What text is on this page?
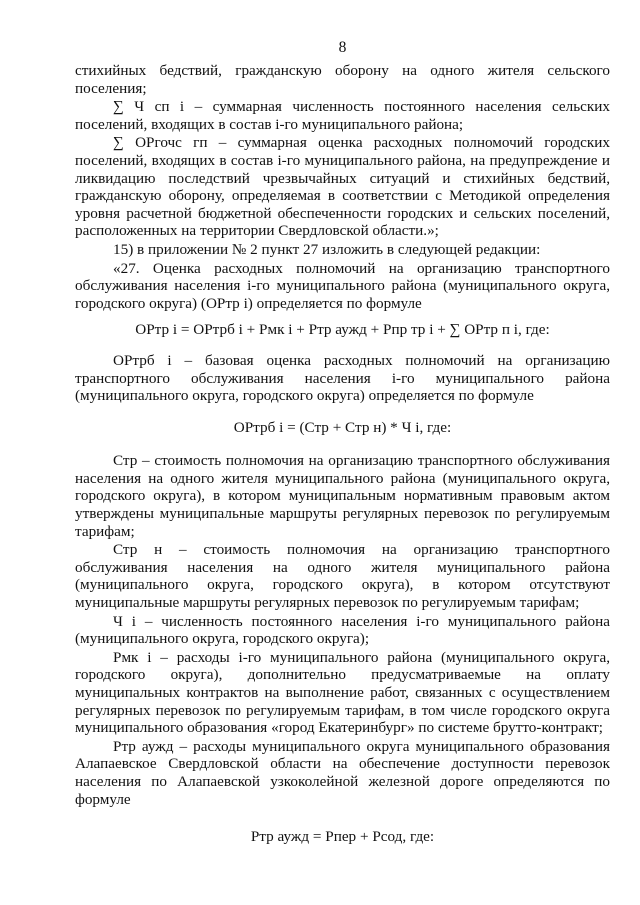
8

стихийных бедствий, гражданскую оборону на одного жителя сельского поселения;

∑ Ч сп і – суммарная численность постоянного населения сельских поселений, входящих в состав і-го муниципального района;

∑ ОРгочс гп – суммарная оценка расходных полномочий городских поселений, входящих в состав і-го муниципального района, на предупреждение и ликвидацию последствий чрезвычайных ситуаций и стихийных бедствий, гражданскую оборону, определяемая в соответствии с Методикой определения уровня расчетной бюджетной обеспеченности городских и сельских поселений, расположенных на территории Свердловской области.»;

15) в приложении № 2 пункт 27 изложить в следующей редакции:

«27. Оценка расходных полномочий на организацию транспортного обслуживания населения і-го муниципального района (муниципального округа, городского округа) (ОРтр і) определяется по формуле

ОРтр і = ОРтрб і + Рмк і + Ртр аужд + Рпр тр і + ∑ ОРтр п і, где:

ОРтрб і – базовая оценка расходных полномочий на организацию транспортного обслуживания населения і-го муниципального района (муниципального округа, городского округа) определяется по формуле

ОРтрб і = (Стр + Стр н) * Ч і, где:

Стр – стоимость полномочия на организацию транспортного обслуживания населения на одного жителя муниципального района (муниципального округа, городского округа), в котором муниципальным нормативным правовым актом утверждены муниципальные маршруты регулярных перевозок по регулируемым тарифам;

Стр н – стоимость полномочия на организацию транспортного обслуживания населения на одного жителя муниципального района (муниципального округа, городского округа), в котором отсутствуют муниципальные маршруты регулярных перевозок по регулируемым тарифам;

Ч і – численность постоянного населения і-го муниципального района (муниципального округа, городского округа);

Рмк і – расходы і-го муниципального района (муниципального округа, городского округа), дополнительно предусматриваемые на оплату муниципальных контрактов на выполнение работ, связанных с осуществлением регулярных перевозок по регулируемым тарифам, в том числе городского округа муниципального образования «город Екатеринбург» по системе брутто-контракт;

Ртр аужд – расходы муниципального округа муниципального образования Алапаевское Свердловской области на обеспечение доступности перевозок населения по Алапаевской узкоколейной железной дороге определяются по формуле

Ртр аужд = Рпер + Рсод, где:
